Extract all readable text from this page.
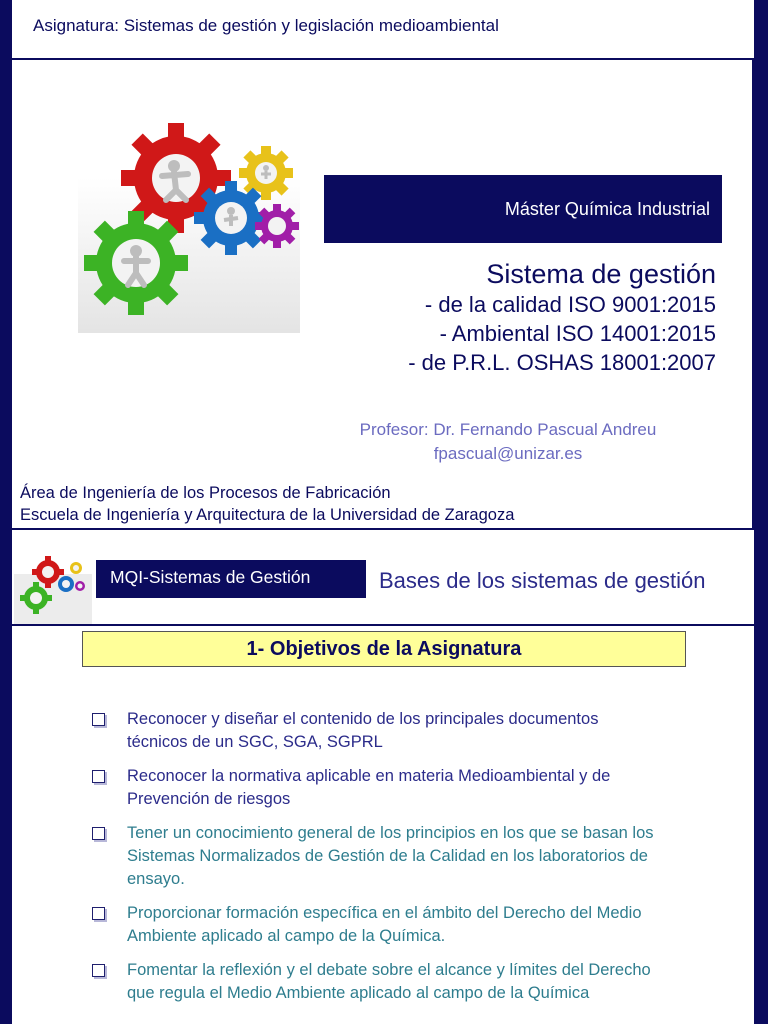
Asignatura: Sistemas de gestión y legislación medioambiental
Máster Química Industrial
Sistema de gestión
- de la calidad ISO 9001:2015
- Ambiental ISO 14001:2015
- de P.R.L. OSHAS 18001:2007
Profesor: Dr. Fernando Pascual Andreu
fpascual@unizar.es
Área de Ingeniería de los Procesos de Fabricación
Escuela de Ingeniería y Arquitectura de la Universidad de Zaragoza
MQI-Sistemas de Gestión	Bases de los sistemas de gestión
1- Objetivos de la Asignatura
Reconocer y diseñar el contenido de los principales documentos
técnicos de un SGC, SGA, SGPRL
Reconocer la normativa aplicable en materia Medioambiental y de
Prevención de riesgos
Tener un conocimiento general de los principios en los que se basan los
Sistemas Normalizados de Gestión de la Calidad en los laboratorios de
ensayo.
Proporcionar formación específica en el ámbito del Derecho del Medio
Ambiente aplicado al campo de la Química.
Fomentar la reflexión y el debate sobre el alcance y límites del Derecho
que regula el Medio Ambiente aplicado al campo de la Química
